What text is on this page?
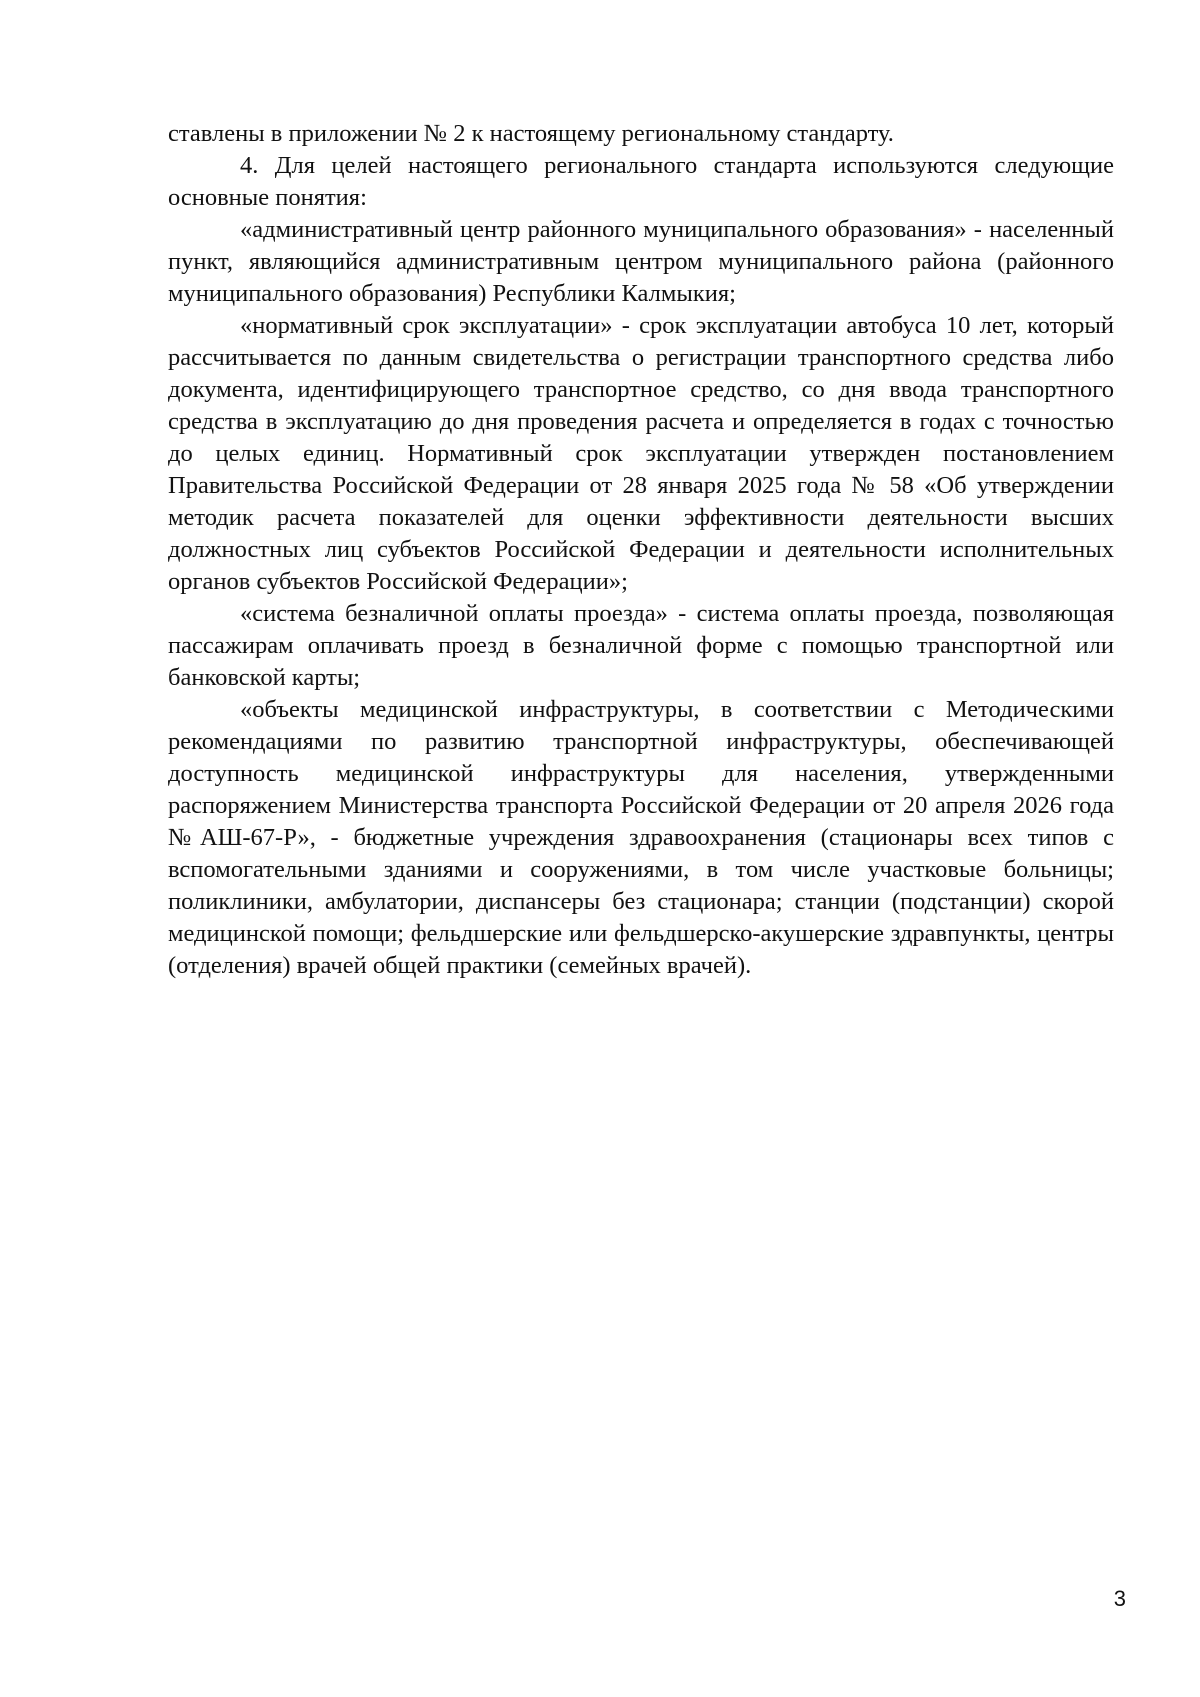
ставлены в приложении № 2 к настоящему региональному стандарту.

4. Для целей настоящего регионального стандарта используются следующие основные понятия:

«административный центр районного муниципального образования» - населенный пункт, являющийся административным центром муниципального района (районного муниципального образования) Республики Калмыкия;

«нормативный срок эксплуатации» - срок эксплуатации автобуса 10 лет, который рассчитывается по данным свидетельства о регистрации транспортного средства либо документа, идентифицирующего транспортное средство, со дня ввода транспортного средства в эксплуатацию до дня проведения расчета и определяется в годах с точностью до целых единиц. Нормативный срок эксплуатации утвержден постановлением Правительства Российской Федерации от 28 января 2025 года № 58 «Об утверждении методик расчета показателей для оценки эффективности деятельности высших должностных лиц субъектов Российской Федерации и деятельности исполнительных органов субъектов Российской Федерации»;

«система безналичной оплаты проезда» - система оплаты проезда, позволяющая пассажирам оплачивать проезд в безналичной форме с помощью транспортной или банковской карты;

«объекты медицинской инфраструктуры, в соответствии с Методическими рекомендациями по развитию транспортной инфраструктуры, обеспечивающей доступность медицинской инфраструктуры для населения, утвержденными распоряжением Министерства транспорта Российской Федерации от 20 апреля 2026 года №АШ-67-Р», - бюджетные учреждения здравоохранения (стационары всех типов с вспомогательными зданиями и сооружениями, в том числе участковые больницы; поликлиники, амбулатории, диспансеры без стационара; станции (подстанции) скорой медицинской помощи; фельдшерские или фельдшерско-акушерские здравпункты, центры (отделения) врачей общей практики (семейных врачей).

3
